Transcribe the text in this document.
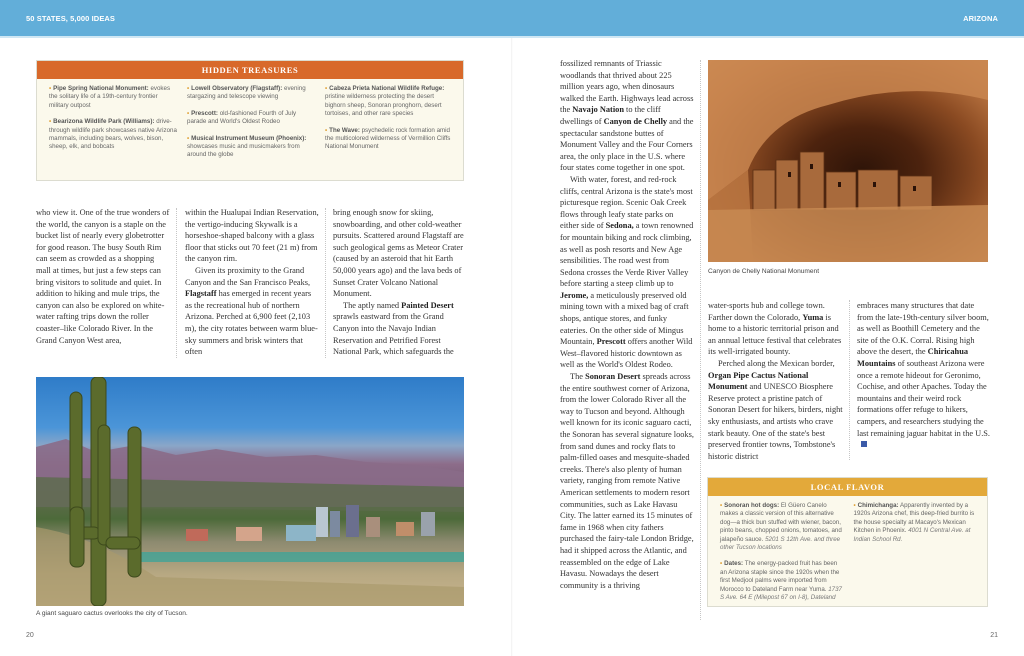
50 STATES, 5,000 IDEAS	ARIZONA
HIDDEN TREASURES
• Pipe Spring National Monument: evokes the solitary life of a 19th-century frontier military outpost
• Bearizona Wildlife Park (Williams): drive-through wildlife park showcases native Arizona mammals, including bears, wolves, bison, sheep, elk, and bobcats
• Lowell Observatory (Flagstaff): evening stargazing and telescope viewing
• Prescott: old-fashioned Fourth of July parade and World's Oldest Rodeo
• Musical Instrument Museum (Phoenix): showcases music and musicmakers from around the globe
• Cabeza Prieta National Wildlife Refuge: pristine wilderness protecting the desert bighorn sheep, Sonoran pronghorn, desert tortoises, and other rare species
• The Wave: psychedelic rock formation amid the multicolored wilderness of Vermillion Cliffs National Monument

who view it. One of the true wonders of the world, the canyon is a staple on the bucket list of nearly every globetrotter for good reason. The busy South Rim can seem as crowded as a shopping mall at times, but just a few steps can bring visitors to solitude and quiet. In addition to hiking and mule trips, the canyon can also be explored on white-water rafting trips down the roller coaster–like Colorado River. In the Grand Canyon West area,

within the Hualupai Indian Reservation, the vertigo-inducing Skywalk is a horseshoe-shaped balcony with a glass floor that sticks out 70 feet (21 m) from the canyon rim.

Given its proximity to the Grand Canyon and the San Francisco Peaks, Flagstaff has emerged in recent years as the recreational hub of northern Arizona. Perched at 6,900 feet (2,103 m), the city rotates between warm blue-sky summers and brisk winters that often

bring enough snow for skiing, snowboarding, and other cold-weather pursuits. Scattered around Flagstaff are such geological gems as Meteor Crater (caused by an asteroid that hit Earth 50,000 years ago) and the lava beds of Sunset Crater Volcano National Monument.

The aptly named Painted Desert sprawls eastward from the Grand Canyon into the Navajo Indian Reservation and Petrified Forest National Park, which safeguards the

A giant saguaro cactus overlooks the city of Tucson.
20

fossilized remnants of Triassic woodlands that thrived about 225 million years ago, when dinosaurs walked the Earth. Highways lead across the Navajo Nation to the cliff dwellings of Canyon de Chelly and the spectacular sandstone buttes of Monument Valley and the Four Corners area, the only place in the U.S. where four states come together in one spot.

With water, forest, and red-rock cliffs, central Arizona is the state's most picturesque region. Scenic Oak Creek flows through leafy state parks on either side of Sedona, a town renowned for mountain biking and rock climbing, as well as posh resorts and New Age sensibilities. The road west from Sedona crosses the Verde River Valley before starting a steep climb up to Jerome, a meticulously preserved old mining town with a mixed bag of craft shops, antique stores, and funky eateries. On the other side of Mingus Mountain, Prescott offers another Wild West–flavored historic downtown as well as the World's Oldest Rodeo.

The Sonoran Desert spreads across the entire southwest corner of Arizona, from the lower Colorado River all the way to Tucson and beyond. Although well known for its iconic saguaro cacti, the Sonoran has several signature looks, from sand dunes and rocky flats to palm-filled oases and mesquite-shaded creeks. There's also plenty of human variety, ranging from remote Native American settlements to modern resort communities, such as Lake Havasu City. The latter earned its 15 minutes of fame in 1968 when city fathers purchased the fairy-tale London Bridge, had it shipped across the Atlantic, and reassembled on the edge of Lake Havasu. Nowadays the desert community is a thriving

Canyon de Chelly National Monument

water-sports hub and college town. Farther down the Colorado, Yuma is home to a historic territorial prison and an annual lettuce festival that celebrates its well-irrigated bounty.

Perched along the Mexican border, Organ Pipe Cactus National Monument and UNESCO Biosphere Reserve protect a pristine patch of Sonoran Desert for hikers, birders, night sky enthusiasts, and artists who crave stark beauty. One of the state's best preserved frontier towns, Tombstone's historic district

embraces many structures that date from the late-19th-century silver boom, as well as Boothill Cemetery and the site of the O.K. Corral. Rising high above the desert, the Chiricahua Mountains of southeast Arizona were once a remote hideout for Geronimo, Cochise, and other Apaches. Today the mountains and their weird rock formations offer refuge to hikers, campers, and researchers studying the last remaining jaguar habitat in the U.S.

LOCAL FLAVOR
• Sonoran hot dogs: El Güero Canelo makes a classic version of this alternative dog—a thick bun stuffed with wiener, bacon, pinto beans, chopped onions, tomatoes, and jalapeño sauce. 5201 S 12th Ave. and three other Tucson locations
• Dates: The energy-packed fruit has been an Arizona staple since the 1920s when the first Medjool palms were imported from Morocco to Dateland Farm near Yuma. 1737 S Ave. 64 E (Milepost 67 on I-8), Dateland
• Chimichanga: Apparently invented by a 1920s Arizona chef, this deep-fried burrito is the house specialty at Macayo's Mexican Kitchen in Phoenix. 4001 N Central Ave. at Indian School Rd.
21
